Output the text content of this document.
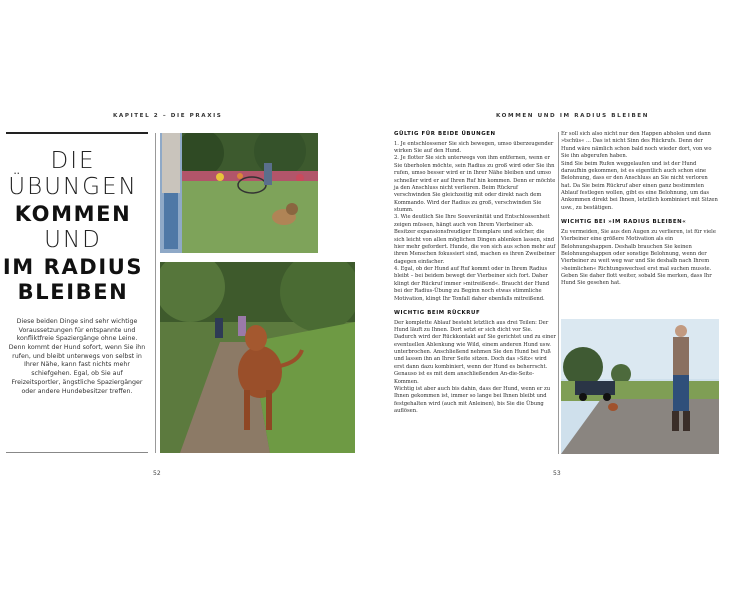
KAPITEL 2 – DIE PRAXIS
DIE
ÜBUNGEN
KOMMEN
UND
IM RADIUS
BLEIBEN
Diese beiden Dinge sind sehr wichtige Voraussetzungen für entspannte und konfliktfreie Spaziergänge ohne Leine. Denn kommt der Hund sofort, wenn Sie ihn rufen, und bleibt unterwegs von selbst in Ihrer Nähe, kann fast nichts mehr schiefgehen. Egal, ob Sie auf Freizeitsportler, ängstliche Spaziergänger oder andere Hundebesitzer treffen.
52
KOMMEN UND IM RADIUS BLEIBEN
GÜLTIG FÜR BEIDE ÜBUNGEN

1. Je entschlossener Sie sich bewegen, umso überzeugender wirken Sie auf den Hund.

2. Je flotter Sie sich unterwegs von ihm entfernen, wenn er Sie überholen möchte, sein Radius zu groß wird oder Sie ihn rufen, umso besser wird er in Ihrer Nähe bleiben und umso schneller wird er auf Ihren Ruf hin kommen. Denn er möchte ja den Anschluss nicht verlieren. Beim Rückruf verschwinden Sie gleichzeitig mit oder direkt nach dem Kommando. Wird der Radius zu groß, verschwinden Sie stumm.

3. Wie deutlich Sie Ihre Souveränität und Entschlossenheit zeigen müssen, hängt auch von Ihrem Vierbeiner ab. Besitzer expansionsfreudiger Exemplare und solcher, die sich leicht von allen möglichen Dingen ablenken lassen, sind hier mehr gefordert. Hunde, die von sich aus schon mehr auf ihren Menschen fokussiert sind, machen es ihren Zweibeiner dagegen einfacher.

4. Egal, ob der Hund auf Ruf kommt oder in Ihrem Radius bleibt – bei beidem bewegt der Vierbeiner sich fort. Daher klingt der Rückruf immer »mitreißend«. Braucht der Hund bei der Radius-Übung zu Beginn noch etwas stimmliche Motivation, klingt Ihr Tonfall daher ebenfalls mitreißend.

WICHTIG BEIM RÜCKRUF

Der komplette Ablauf besteht letztlich aus drei Teilen: Der Hund läuft zu Ihnen. Dort setzt er sich dicht vor Sie. Dadurch wird der Rückkontakt auf Sie gerichtet und zu einer eventuellen Ablenkung wie Wild, einem anderen Hund usw. unterbrochen. Anschließend nehmen Sie den Hund bei Fuß und lassen ihn an Ihrer Seite sitzen. Doch das »Sitz« wird erst dann dazu kombiniert, wenn der Hund es beherrscht. Genauso ist es mit dem anschließenden An-die-Seite-Kommen.

Wichtig ist aber auch bis dahin, dass der Hund, wenn er zu Ihnen gekommen ist, immer so lange bei Ihnen bleibt und festgehalten wird (auch mit Anleinen), bis Sie die Übung auflösen.

Er soll sich also nicht nur den Happen abholen und dann »tschüs« ... Das ist nicht Sinn des Rückrufs. Denn der Hund wäre nämlich schon bald noch wieder dort, von wo Sie ihn abgerufen haben.

Sind Sie beim Rufen weggelaufen und ist der Hund daraufhin gekommen, ist es eigentlich auch schon eine Belohnung, dass er den Anschluss an Sie nicht verloren hat. Da Sie beim Rückruf aber einen ganz bestimmten Ablauf festlegen wollen, gibt es eine Belohnung, um das Ankommen direkt bei Ihnen, letztlich kombiniert mit Sitzen usw., zu bestätigen.

WICHTIG BEI »IM RADIUS BLEIBEN«

Zu vermeiden, Sie aus den Augen zu verlieren, ist für viele Vierbeiner eine größere Motivation als ein Belohnungshappen. Deshalb brauchen Sie keinen Belohnungshappen oder sonstige Belohnung, wenn der Vierbeiner zu weit weg war und Sie deshalb nach Ihrem »heimlichen« Richtungswechsel erst mal suchen musste. Geben Sie daher flott weiter, sobald Sie merken, dass Ihr Hund Sie gesehen hat.

53
